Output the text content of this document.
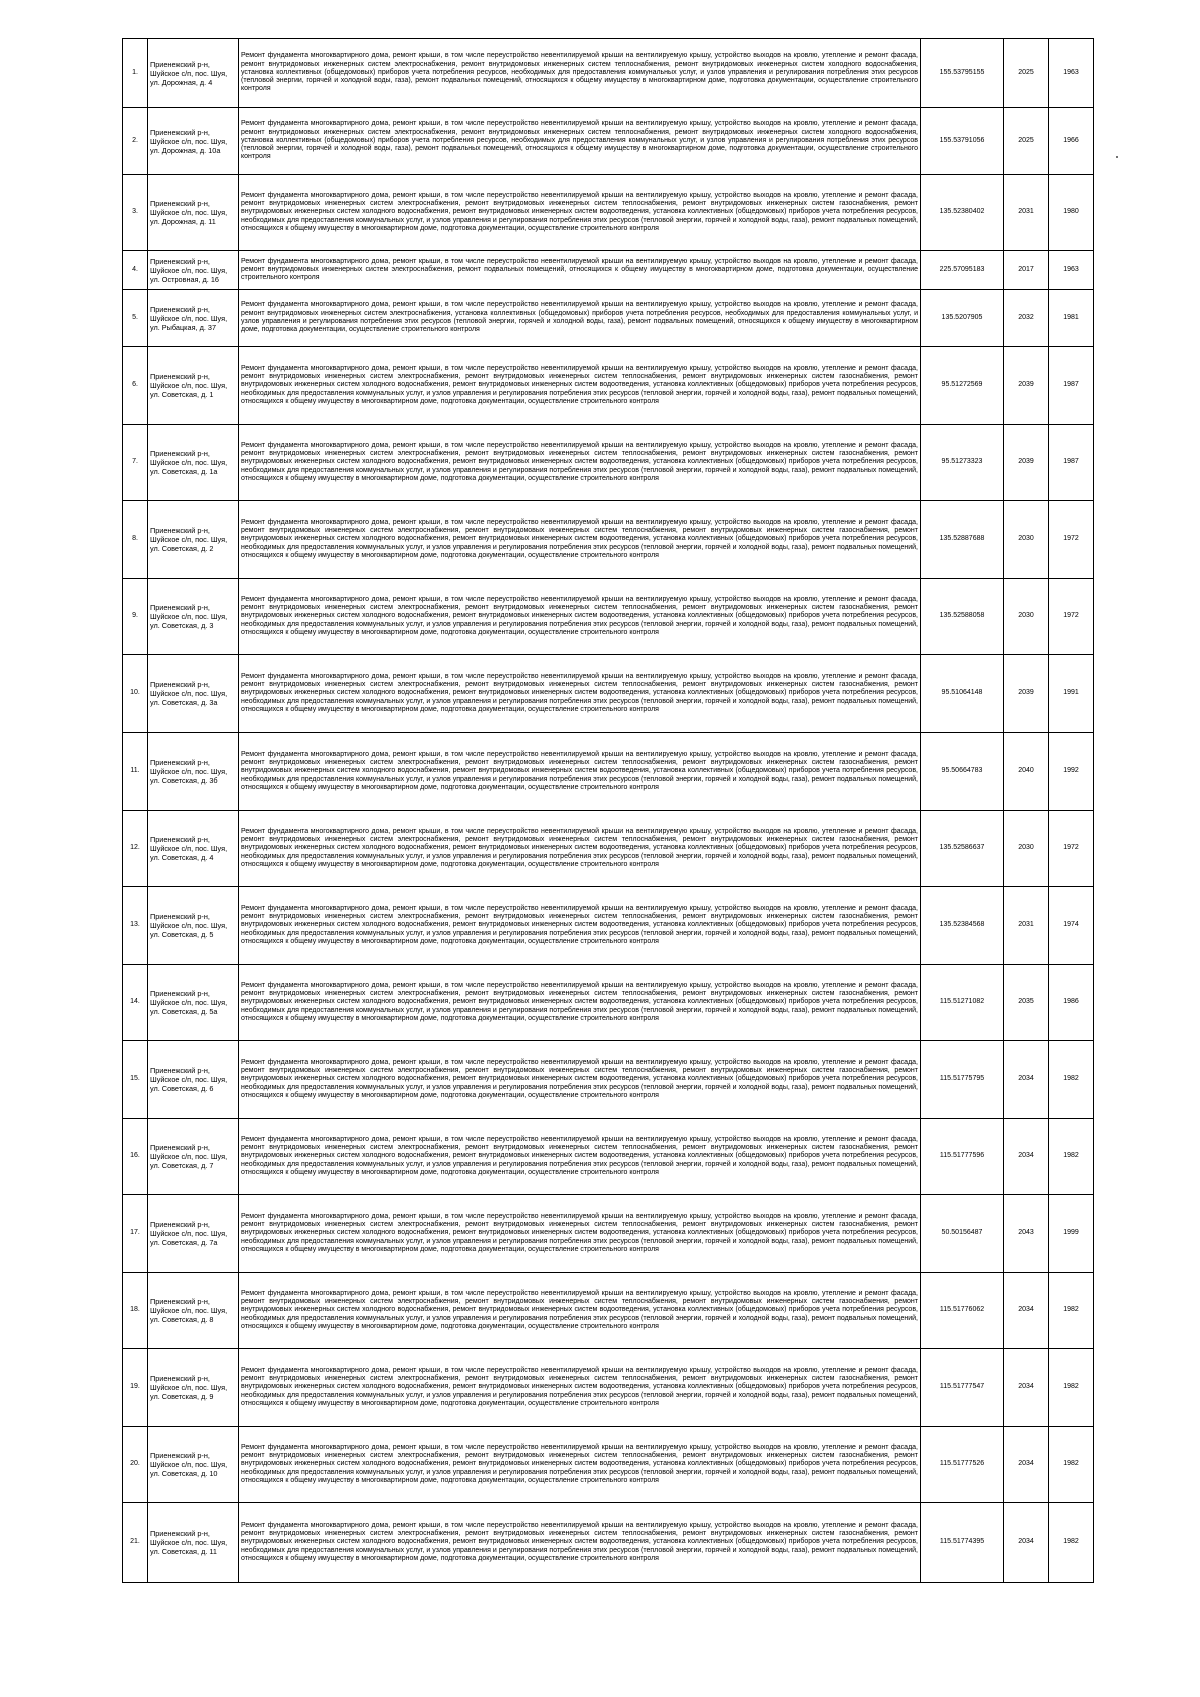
1.	Приенежский р-н, Шуйское с/п, пос. Шуя, ул. Дорожная, д. 4	Ремонт фундамента многоквартирного дома, ремонт крыши, в том числе переустройство невентилируемой крыши на вентилируемую крышу, устройство выходов на кровлю, утепление и ремонт фасада, ремонт внутридомовых инженерных систем электроснабжения, ремонт внутридомовых инженерных систем теплоснабжения, ремонт внутридомовых инженерных систем холодного водоснабжения, установка коллективных (общедомовых) приборов учета потребления ресурсов, необходимых для предоставления коммунальных услуг, и узлов управления и регулирования потребления этих ресурсов (тепловой энергии, горячей и холодной воды, газа), ремонт подвальных помещений, относящихся к общему имуществу в многоквартирном доме, подготовка документации, осуществление строительного контроля	155.53795155	2025	1963
2.	Приенежский р-н, Шуйское с/п, пос. Шуя, ул. Дорожная, д. 10а	Ремонт фундамента многоквартирного дома, ремонт крыши, в том числе переустройство невентилируемой крыши на вентилируемую крышу, устройство выходов на кровлю, утепление и ремонт фасада, ремонт внутридомовых инженерных систем электроснабжения, ремонт внутридомовых инженерных систем теплоснабжения, ремонт внутридомовых инженерных систем холодного водоснабжения, установка коллективных (общедомовых) приборов учета потребления ресурсов, необходимых для предоставления коммунальных услуг, и узлов управления и регулирования потребления этих ресурсов (тепловой энергии, горячей и холодной воды, газа), ремонт подвальных помещений, относящихся к общему имуществу в многоквартирном доме, подготовка документации, осуществление строительного контроля	155.53791056	2025	1966
3.	Приенежский р-н, Шуйское с/п, пос. Шуя, ул. Дорожная, д. 11	Ремонт фундамента многоквартирного дома, ремонт крыши, в том числе переустройство невентилируемой крыши на вентилируемую крышу, устройство выходов на кровлю, утепление и ремонт фасада, ремонт внутридомовых инженерных систем электроснабжения, ремонт внутридомовых инженерных систем теплоснабжения, ремонт внутридомовых инженерных систем газоснабжения, ремонт внутридомовых инженерных систем холодного водоснабжения, ремонт внутридомовых инженерных систем водоотведения, установка коллективных (общедомовых) приборов учета потребления ресурсов, необходимых для предоставления коммунальных услуг, и узлов управления и регулирования потребления этих ресурсов (тепловой энергии, горячей и холодной воды, газа), ремонт подвальных помещений, относящихся к общему имуществу в многоквартирном доме, подготовка документации, осуществление строительного контроля	135.52380402	2031	1980
4.	Приенежский р-н, Шуйское с/п, пос. Шуя, ул. Островная, д. 16	Ремонт фундамента многоквартирного дома, ремонт крыши, в том числе переустройство невентилируемой крыши на вентилируемую крышу, устройство выходов на кровлю, утепление и ремонт фасада, ремонт внутридомовых инженерных систем электроснабжения, ремонт подвальных помещений, относящихся к общему имуществу в многоквартирном доме, подготовка документации, осуществление строительного контроля	225.57095183	2017	1963
5.	Приенежский р-н, Шуйское с/п, пос. Шуя, ул. Рыбацкая, д. 37	Ремонт фундамента многоквартирного дома, ремонт крыши, в том числе переустройство невентилируемой крыши на вентилируемую крышу, устройство выходов на кровлю, утепление и ремонт фасада, ремонт внутридомовых инженерных систем электроснабжения, установка коллективных (общедомовых) приборов учета потребления ресурсов, необходимых для предоставления коммунальных услуг, и узлов управления и регулирования потребления этих ресурсов (тепловой энергии, горячей и холодной воды, газа), ремонт подвальных помещений, относящихся к общему имуществу в многоквартирном доме, подготовка документации, осуществление строительного контроля	135.5207905	2032	1981
6.	Приенежский р-н, Шуйское с/п, пос. Шуя, ул. Советская, д. 1	Ремонт фундамента многоквартирного дома, ремонт крыши, в том числе переустройство невентилируемой крыши на вентилируемую крышу, устройство выходов на кровлю, утепление и ремонт фасада, ремонт внутридомовых инженерных систем электроснабжения, ремонт внутридомовых инженерных систем теплоснабжения, ремонт внутридомовых инженерных систем газоснабжения, ремонт внутридомовых инженерных систем холодного водоснабжения, ремонт внутридомовых инженерных систем водоотведения, установка коллективных (общедомовых) приборов учета потребления ресурсов, необходимых для предоставления коммунальных услуг, и узлов управления и регулирования потребления этих ресурсов (тепловой энергии, горячей и холодной воды, газа), ремонт подвальных помещений, относящихся к общему имуществу в многоквартирном доме, подготовка документации, осуществление строительного контроля	95.51272569	2039	1987
7.	Приенежский р-н, Шуйское с/п, пос. Шуя, ул. Советская, д. 1а	Ремонт фундамента многоквартирного дома, ремонт крыши, в том числе переустройство невентилируемой крыши на вентилируемую крышу, устройство выходов на кровлю, утепление и ремонт фасада, ремонт внутридомовых инженерных систем электроснабжения, ремонт внутридомовых инженерных систем теплоснабжения, ремонт внутридомовых инженерных систем газоснабжения, ремонт внутридомовых инженерных систем холодного водоснабжения, ремонт внутридомовых инженерных систем водоотведения, установка коллективных (общедомовых) приборов учета потребления ресурсов, необходимых для предоставления коммунальных услуг, и узлов управления и регулирования потребления этих ресурсов (тепловой энергии, горячей и холодной воды, газа), ремонт подвальных помещений, относящихся к общему имуществу в многоквартирном доме, подготовка документации, осуществление строительного контроля	95.51273323	2039	1987
8.	Приенежский р-н, Шуйское с/п, пос. Шуя, ул. Советская, д. 2	Ремонт фундамента многоквартирного дома, ремонт крыши, в том числе переустройство невентилируемой крыши на вентилируемую крышу, устройство выходов на кровлю, утепление и ремонт фасада, ремонт внутридомовых инженерных систем электроснабжения, ремонт внутридомовых инженерных систем теплоснабжения, ремонт внутридомовых инженерных систем газоснабжения, ремонт внутридомовых инженерных систем холодного водоснабжения, ремонт внутридомовых инженерных систем водоотведения, установка коллективных (общедомовых) приборов учета потребления ресурсов, необходимых для предоставления коммунальных услуг, и узлов управления и регулирования потребления этих ресурсов (тепловой энергии, горячей и холодной воды, газа), ремонт подвальных помещений, относящихся к общему имуществу в многоквартирном доме, подготовка документации, осуществление строительного контроля	135.52887688	2030	1972
9.	Приенежский р-н, Шуйское с/п, пос. Шуя, ул. Советская, д. 3	Ремонт фундамента многоквартирного дома, ремонт крыши, в том числе переустройство невентилируемой крыши на вентилируемую крышу, устройство выходов на кровлю, утепление и ремонт фасада, ремонт внутридомовых инженерных систем электроснабжения, ремонт внутридомовых инженерных систем теплоснабжения, ремонт внутридомовых инженерных систем газоснабжения, ремонт внутридомовых инженерных систем холодного водоснабжения, ремонт внутридомовых инженерных систем водоотведения, установка коллективных (общедомовых) приборов учета потребления ресурсов, необходимых для предоставления коммунальных услуг, и узлов управления и регулирования потребления этих ресурсов (тепловой энергии, горячей и холодной воды, газа), ремонт подвальных помещений, относящихся к общему имуществу в многоквартирном доме, подготовка документации, осуществление строительного контроля	135.52588058	2030	1972
10.	Приенежский р-н, Шуйское с/п, пос. Шуя, ул. Советская, д. 3а	Ремонт фундамента многоквартирного дома, ремонт крыши, в том числе переустройство невентилируемой крыши на вентилируемую крышу, устройство выходов на кровлю, утепление и ремонт фасада, ремонт внутридомовых инженерных систем электроснабжения, ремонт внутридомовых инженерных систем теплоснабжения, ремонт внутридомовых инженерных систем газоснабжения, ремонт внутридомовых инженерных систем холодного водоснабжения, ремонт внутридомовых инженерных систем водоотведения, установка коллективных (общедомовых) приборов учета потребления ресурсов, необходимых для предоставления коммунальных услуг, и узлов управления и регулирования потребления этих ресурсов (тепловой энергии, горячей и холодной воды, газа), ремонт подвальных помещений, относящихся к общему имуществу в многоквартирном доме, подготовка документации, осуществление строительного контроля	95.51064148	2039	1991
11.	Приенежский р-н, Шуйское с/п, пос. Шуя, ул. Советская, д. 3б	Ремонт фундамента многоквартирного дома, ремонт крыши, в том числе переустройство невентилируемой крыши на вентилируемую крышу, устройство выходов на кровлю, утепление и ремонт фасада, ремонт внутридомовых инженерных систем электроснабжения, ремонт внутридомовых инженерных систем теплоснабжения, ремонт внутридомовых инженерных систем газоснабжения, ремонт внутридомовых инженерных систем холодного водоснабжения, ремонт внутридомовых инженерных систем водоотведения, установка коллективных (общедомовых) приборов учета потребления ресурсов, необходимых для предоставления коммунальных услуг, и узлов управления и регулирования потребления этих ресурсов (тепловой энергии, горячей и холодной воды, газа), ремонт подвальных помещений, относящихся к общему имуществу в многоквартирном доме, подготовка документации, осуществление строительного контроля	95.50664783	2040	1992
12.	Приенежский р-н, Шуйское с/п, пос. Шуя, ул. Советская, д. 4	Ремонт фундамента многоквартирного дома, ремонт крыши, в том числе переустройство невентилируемой крыши на вентилируемую крышу, устройство выходов на кровлю, утепление и ремонт фасада, ремонт внутридомовых инженерных систем электроснабжения, ремонт внутридомовых инженерных систем теплоснабжения, ремонт внутридомовых инженерных систем газоснабжения, ремонт внутридомовых инженерных систем холодного водоснабжения, ремонт внутридомовых инженерных систем водоотведения, установка коллективных (общедомовых) приборов учета потребления ресурсов, необходимых для предоставления коммунальных услуг, и узлов управления и регулирования потребления этих ресурсов (тепловой энергии, горячей и холодной воды, газа), ремонт подвальных помещений, относящихся к общему имуществу в многоквартирном доме, подготовка документации, осуществление строительного контроля	135.52586637	2030	1972
13.	Приенежский р-н, Шуйское с/п, пос. Шуя, ул. Советская, д. 5	Ремонт фундамента многоквартирного дома, ремонт крыши, в том числе переустройство невентилируемой крыши на вентилируемую крышу, устройство выходов на кровлю, утепление и ремонт фасада, ремонт внутридомовых инженерных систем электроснабжения, ремонт внутридомовых инженерных систем теплоснабжения, ремонт внутридомовых инженерных систем газоснабжения, ремонт внутридомовых инженерных систем холодного водоснабжения, ремонт внутридомовых инженерных систем водоотведения, установка коллективных (общедомовых) приборов учета потребления ресурсов, необходимых для предоставления коммунальных услуг, и узлов управления и регулирования потребления этих ресурсов (тепловой энергии, горячей и холодной воды, газа), ремонт подвальных помещений, относящихся к общему имуществу в многоквартирном доме, подготовка документации, осуществление строительного контроля	135.52384568	2031	1974
14.	Приенежский р-н, Шуйское с/п, пос. Шуя, ул. Советская, д. 5а	Ремонт фундамента многоквартирного дома, ремонт крыши, в том числе переустройство невентилируемой крыши на вентилируемую крышу, устройство выходов на кровлю, утепление и ремонт фасада, ремонт внутридомовых инженерных систем электроснабжения, ремонт внутридомовых инженерных систем теплоснабжения, ремонт внутридомовых инженерных систем газоснабжения, ремонт внутридомовых инженерных систем холодного водоснабжения, ремонт внутридомовых инженерных систем водоотведения, установка коллективных (общедомовых) приборов учета потребления ресурсов, необходимых для предоставления коммунальных услуг, и узлов управления и регулирования потребления этих ресурсов (тепловой энергии, горячей и холодной воды, газа), ремонт подвальных помещений, относящихся к общему имуществу в многоквартирном доме, подготовка документации, осуществление строительного контроля	115.51271082	2035	1986
15.	Приенежский р-н, Шуйское с/п, пос. Шуя, ул. Советская, д. 6	Ремонт фундамента многоквартирного дома, ремонт крыши, в том числе переустройство невентилируемой крыши на вентилируемую крышу, устройство выходов на кровлю, утепление и ремонт фасада, ремонт внутридомовых инженерных систем электроснабжения, ремонт внутридомовых инженерных систем теплоснабжения, ремонт внутридомовых инженерных систем газоснабжения, ремонт внутридомовых инженерных систем холодного водоснабжения, ремонт внутридомовых инженерных систем водоотведения, установка коллективных (общедомовых) приборов учета потребления ресурсов, необходимых для предоставления коммунальных услуг, и узлов управления и регулирования потребления этих ресурсов (тепловой энергии, горячей и холодной воды, газа), ремонт подвальных помещений, относящихся к общему имуществу в многоквартирном доме, подготовка документации, осуществление строительного контроля	115.51775795	2034	1982
16.	Приенежский р-н, Шуйское с/п, пос. Шуя, ул. Советская, д. 7	Ремонт фундамента многоквартирного дома, ремонт крыши, в том числе переустройство невентилируемой крыши на вентилируемую крышу, устройство выходов на кровлю, утепление и ремонт фасада, ремонт внутридомовых инженерных систем электроснабжения, ремонт внутридомовых инженерных систем теплоснабжения, ремонт внутридомовых инженерных систем газоснабжения, ремонт внутридомовых инженерных систем холодного водоснабжения, ремонт внутридомовых инженерных систем водоотведения, установка коллективных (общедомовых) приборов учета потребления ресурсов, необходимых для предоставления коммунальных услуг, и узлов управления и регулирования потребления этих ресурсов (тепловой энергии, горячей и холодной воды, газа), ремонт подвальных помещений, относящихся к общему имуществу в многоквартирном доме, подготовка документации, осуществление строительного контроля	115.51777596	2034	1982
17.	Приенежский р-н, Шуйское с/п, пос. Шуя, ул. Советская, д. 7а	Ремонт фундамента многоквартирного дома, ремонт крыши, в том числе переустройство невентилируемой крыши на вентилируемую крышу, устройство выходов на кровлю, утепление и ремонт фасада, ремонт внутридомовых инженерных систем электроснабжения, ремонт внутридомовых инженерных систем теплоснабжения, ремонт внутридомовых инженерных систем газоснабжения, ремонт внутридомовых инженерных систем холодного водоснабжения, ремонт внутридомовых инженерных систем водоотведения, установка коллективных (общедомовых) приборов учета потребления ресурсов, необходимых для предоставления коммунальных услуг, и узлов управления и регулирования потребления этих ресурсов (тепловой энергии, горячей и холодной воды, газа), ремонт подвальных помещений, относящихся к общему имуществу в многоквартирном доме, подготовка документации, осуществление строительного контроля	50.50156487	2043	1999
18.	Приенежский р-н, Шуйское с/п, пос. Шуя, ул. Советская, д. 8	Ремонт фундамента многоквартирного дома, ремонт крыши, в том числе переустройство невентилируемой крыши на вентилируемую крышу, устройство выходов на кровлю, утепление и ремонт фасада, ремонт внутридомовых инженерных систем электроснабжения, ремонт внутридомовых инженерных систем теплоснабжения, ремонт внутридомовых инженерных систем газоснабжения, ремонт внутридомовых инженерных систем холодного водоснабжения, ремонт внутридомовых инженерных систем водоотведения, установка коллективных (общедомовых) приборов учета потребления ресурсов, необходимых для предоставления коммунальных услуг, и узлов управления и регулирования потребления этих ресурсов (тепловой энергии, горячей и холодной воды, газа), ремонт подвальных помещений, относящихся к общему имуществу в многоквартирном доме, подготовка документации, осуществление строительного контроля	115.51776062	2034	1982
19.	Приенежский р-н, Шуйское с/п, пос. Шуя, ул. Советская, д. 9	Ремонт фундамента многоквартирного дома, ремонт крыши, в том числе переустройство невентилируемой крыши на вентилируемую крышу, устройство выходов на кровлю, утепление и ремонт фасада, ремонт внутридомовых инженерных систем электроснабжения, ремонт внутридомовых инженерных систем теплоснабжения, ремонт внутридомовых инженерных систем газоснабжения, ремонт внутридомовых инженерных систем холодного водоснабжения, ремонт внутридомовых инженерных систем водоотведения, установка коллективных (общедомовых) приборов учета потребления ресурсов, необходимых для предоставления коммунальных услуг, и узлов управления и регулирования потребления этих ресурсов (тепловой энергии, горячей и холодной воды, газа), ремонт подвальных помещений, относящихся к общему имуществу в многоквартирном доме, подготовка документации, осуществление строительного контроля	115.51777547	2034	1982
20.	Приенежский р-н, Шуйское с/п, пос. Шуя, ул. Советская, д. 10	Ремонт фундамента многоквартирного дома, ремонт крыши, в том числе переустройство невентилируемой крыши на вентилируемую крышу, устройство выходов на кровлю, утепление и ремонт фасада, ремонт внутридомовых инженерных систем электроснабжения, ремонт внутридомовых инженерных систем теплоснабжения, ремонт внутридомовых инженерных систем газоснабжения, ремонт внутридомовых инженерных систем холодного водоснабжения, ремонт внутридомовых инженерных систем водоотведения, установка коллективных (общедомовых) приборов учета потребления ресурсов, необходимых для предоставления коммунальных услуг, и узлов управления и регулирования потребления этих ресурсов (тепловой энергии, горячей и холодной воды, газа), ремонт подвальных помещений, относящихся к общему имуществу в многоквартирном доме, подготовка документации, осуществление строительного контроля	115.51777526	2034	1982
21.	Приенежский р-н, Шуйское с/п, пос. Шуя, ул. Советская, д. 11	Ремонт фундамента многоквартирного дома, ремонт крыши, в том числе переустройство невентилируемой крыши на вентилируемую крышу, устройство выходов на кровлю, утепление и ремонт фасада, ремонт внутридомовых инженерных систем электроснабжения, ремонт внутридомовых инженерных систем теплоснабжения, ремонт внутридомовых инженерных систем газоснабжения, ремонт внутридомовых инженерных систем холодного водоснабжения, ремонт внутридомовых инженерных систем водоотведения, установка коллективных (общедомовых) приборов учета потребления ресурсов, необходимых для предоставления коммунальных услуг, и узлов управления и регулирования потребления этих ресурсов (тепловой энергии, горячей и холодной воды, газа), ремонт подвальных помещений, относящихся к общему имуществу в многоквартирном доме, подготовка документации, осуществление строительного контроля	115.51774395	2034	1982
